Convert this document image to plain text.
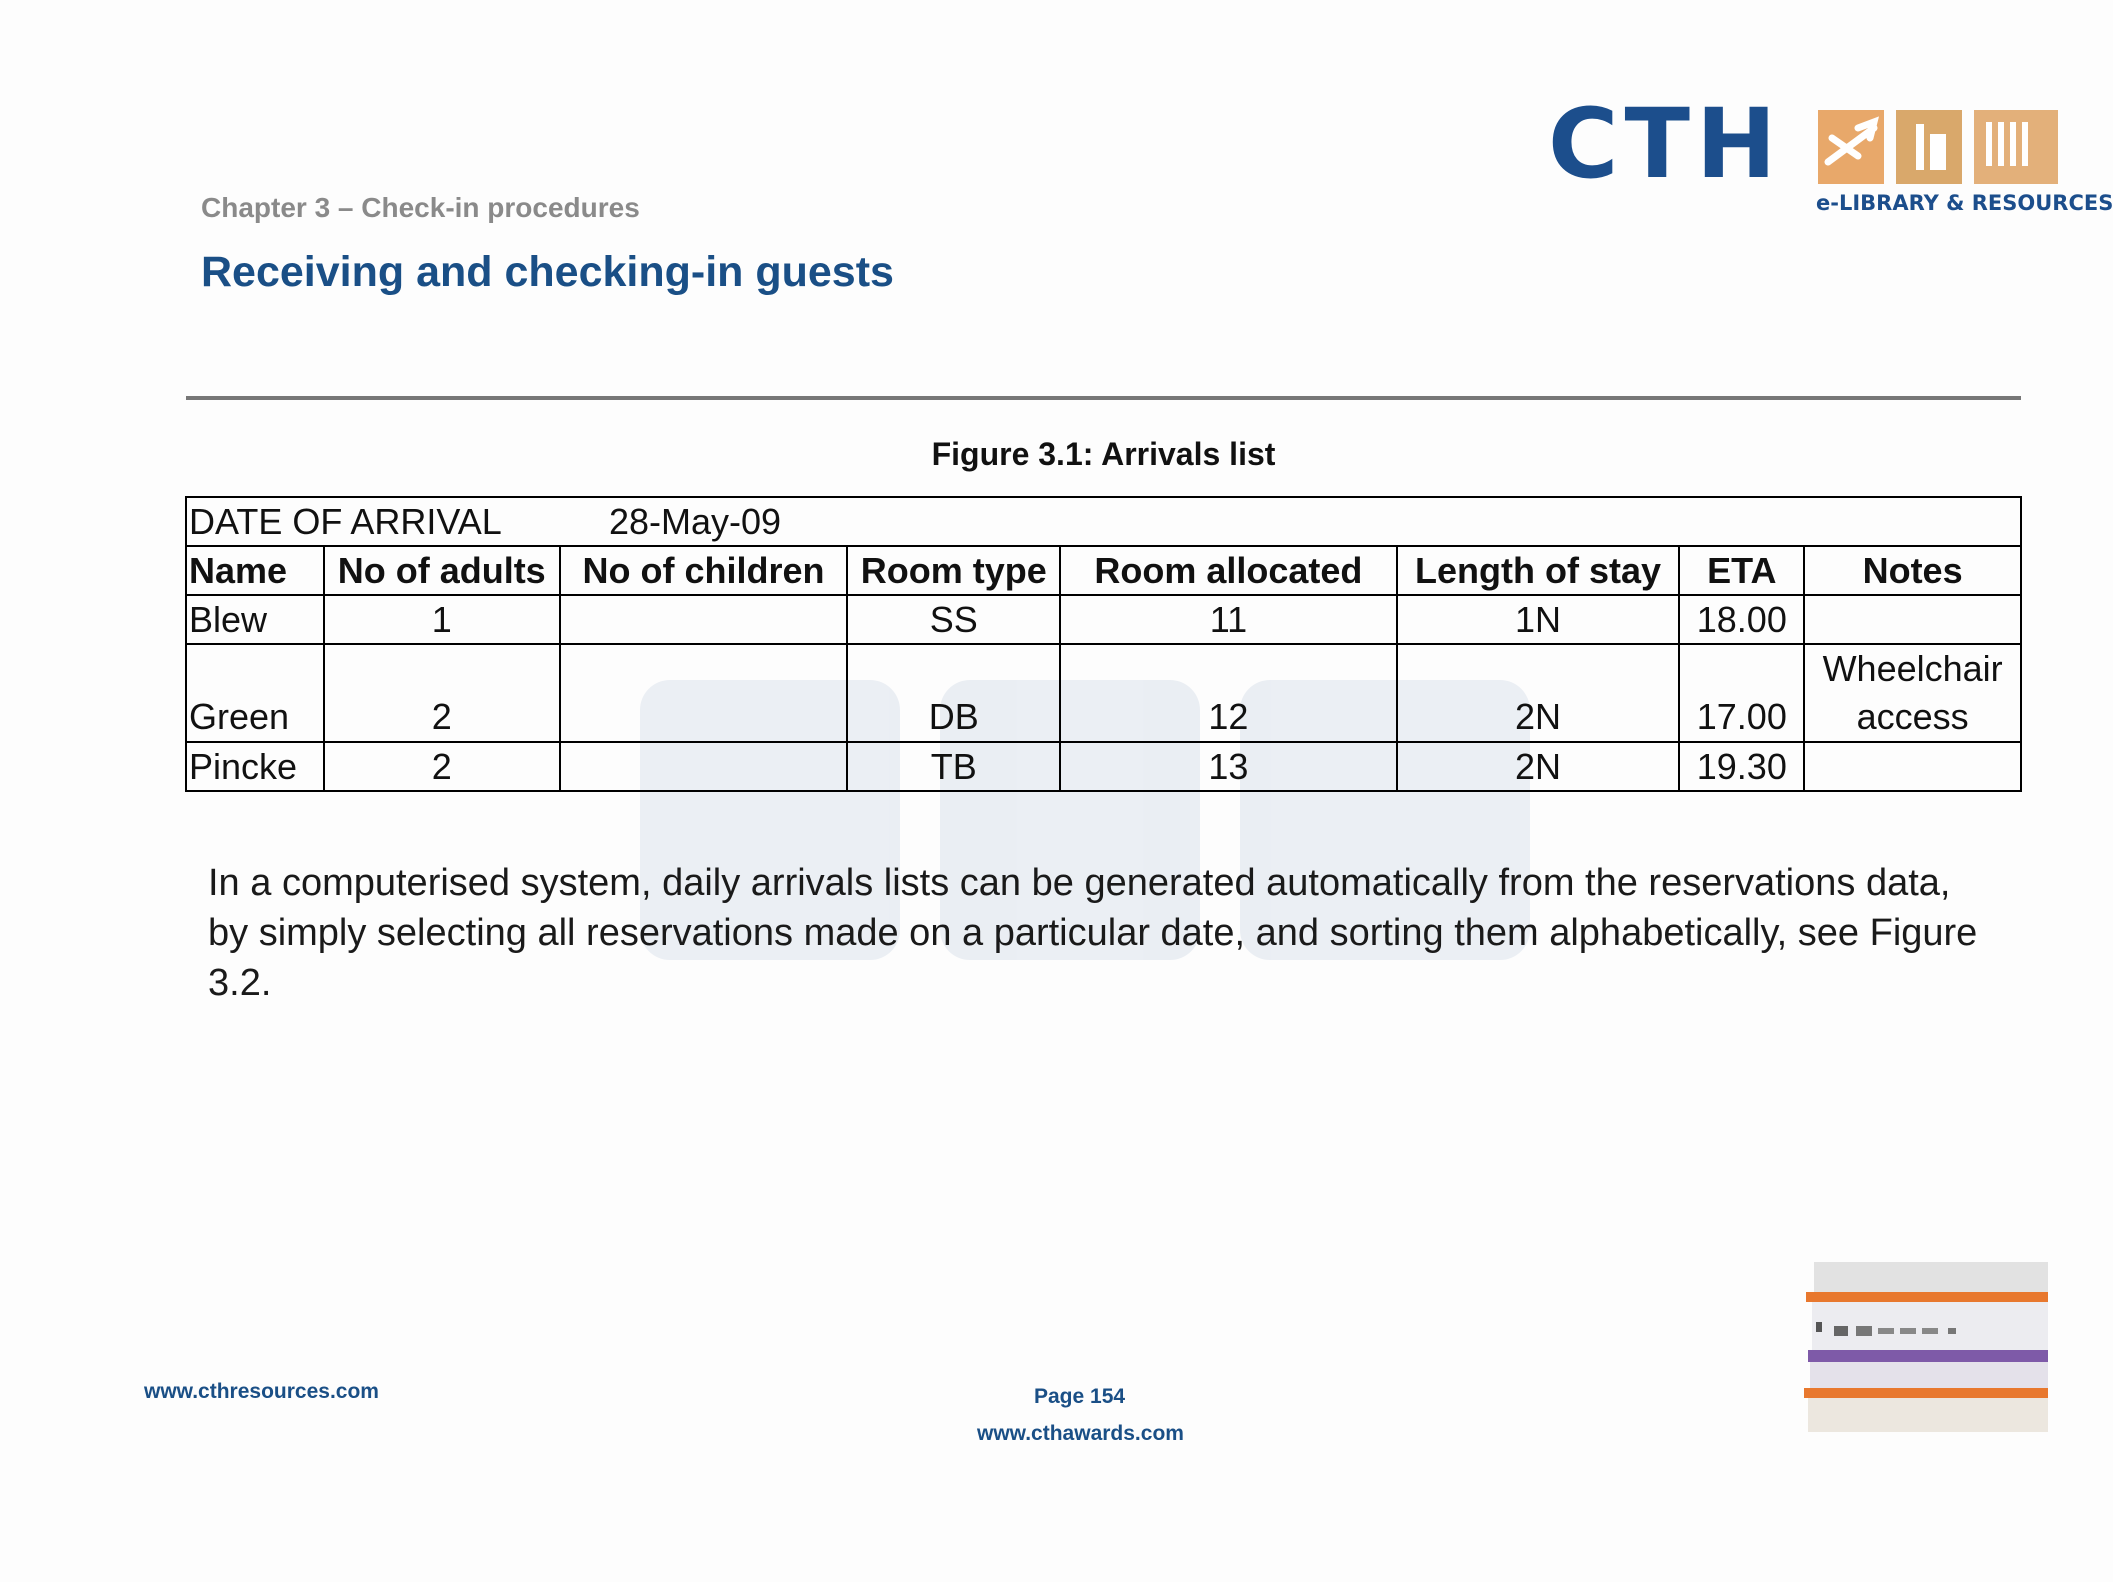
CTH
e-LIBRARY & RESOURCES
Chapter 3 – Check-in procedures
Receiving and checking-in guests
Figure 3.1: Arrivals list
DATE OF ARRIVAL 28-May-09							
Name	No of adults	No of children	Room type	Room allocated	Length of stay	ETA	Notes
Blew	1		SS	11	1N	18.00	
Green	2		DB	12	2N	17.00	Wheelchair access
Pincke	2		TB	13	2N	19.30	
In a computerised system, daily arrivals lists can be generated automatically from the reservations data, by simply selecting all reservations made on a particular date, and sorting them alphabetically, see Figure 3.2.
www.cthresources.com	Page 154
www.cthawards.com
